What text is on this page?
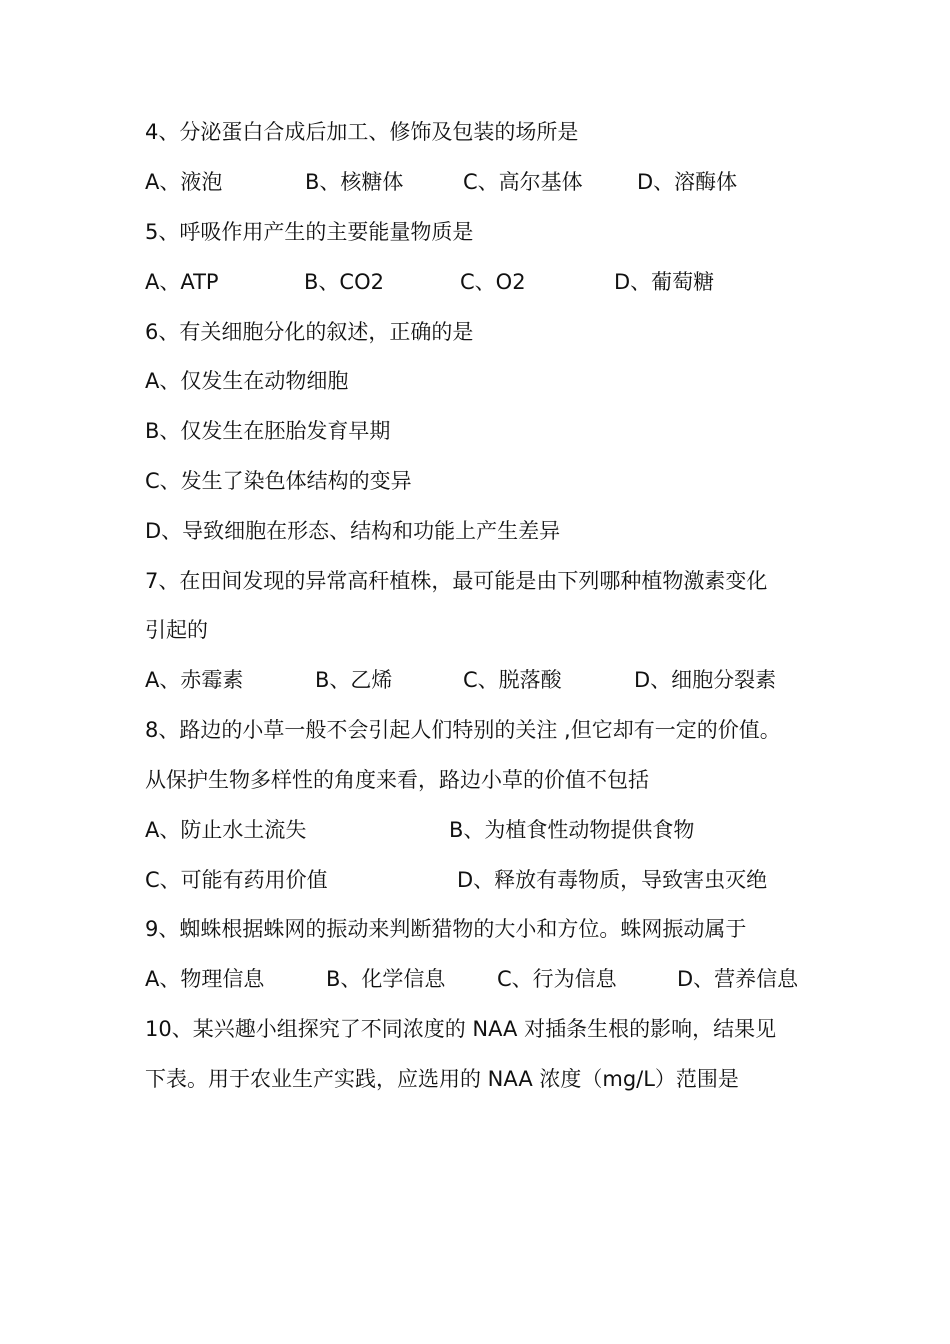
4、分泌蛋白合成后加工、修饰及包装的场所是
A、液泡	B、核糖体	C、高尔基体	D、溶酶体
5、呼吸作用产生的主要能量物质是
A、ATP	B、CO2	C、O2	D、葡萄糖
6、有关细胞分化的叙述，正确的是
A、仅发生在动物细胞
B、仅发生在胚胎发育早期
C、发生了染色体结构的变异
D、导致细胞在形态、结构和功能上产生差异
7、在田间发现的异常高秆植株，最可能是由下列哪种植物激素变化
引起的
A、赤霉素	B、乙烯	C、脱落酸	D、细胞分裂素
8、路边的小草一般不会引起人们特别的关注 ,但它却有一定的价值。
从保护生物多样性的角度来看，路边小草的价值不包括
A、防止水土流失	B、为植食性动物提供食物
C、可能有药用价值	D、释放有毒物质，导致害虫灭绝
9、蜘蛛根据蛛网的振动来判断猎物的大小和方位。蛛网振动属于
A、物理信息	B、化学信息 C、行为信息	D、营养信息
10、某兴趣小组探究了不同浓度的 NAA 对插条生根的影响，结果见
下表。用于农业生产实践，应选用的 NAA 浓度（mg/L）范围是
